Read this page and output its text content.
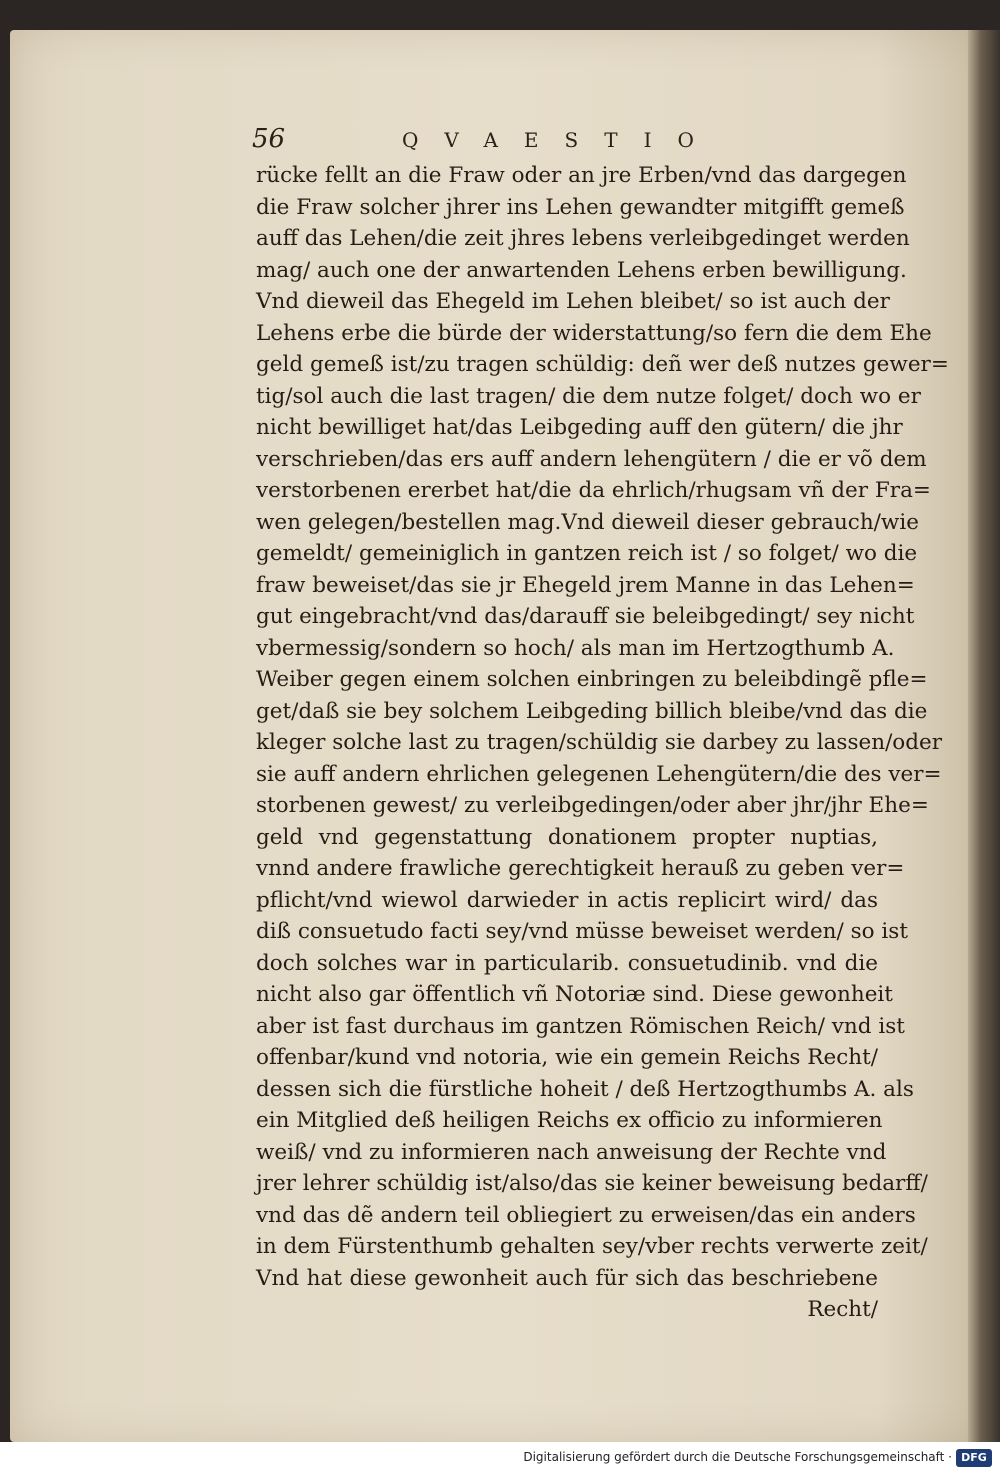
56	QVAESTIO
rücke fellt an die Fraw oder an jre Erben/vnd das dargegen
die Fraw solcher jhrer ins Lehen gewandter mitgifft gemeß
auff das Lehen/die zeit jhres lebens verleibgedinget werden
mag/ auch one der anwartenden Lehens erben bewilligung.
Vnd dieweil das Ehegeld im Lehen bleibet/ so ist auch der
Lehens erbe die bürde der widerstattung/so fern die dem Ehe
geld gemeß ist/zu tragen schüldig: deñ wer deß nutzes gewer=
tig/sol auch die last tragen/ die dem nutze folget/ doch wo er
nicht bewilliget hat/das Leibgeding auff den gütern/ die jhr
verschrieben/das ers auff andern lehengütern / die er võ dem
verstorbenen ererbet hat/die da ehrlich/rhugsam vñ der Fra=
wen gelegen/bestellen mag.Vnd dieweil dieser gebrauch/wie
gemeldt/ gemeiniglich in gantzen reich ist / so folget/ wo die
fraw beweiset/das sie jr Ehegeld jrem Manne in das Lehen=
gut eingebracht/vnd das/darauff sie beleibgedingt/ sey nicht
vbermessig/sondern so hoch/ als man im Hertzogthumb A.
Weiber gegen einem solchen einbringen zu beleibdingẽ pfle=
get/daß sie bey solchem Leibgeding billich bleibe/vnd das die
kleger solche last zu tragen/schüldig sie darbey zu lassen/oder
sie auff andern ehrlichen gelegenen Lehengütern/die des ver=
storbenen gewest/ zu verleibgedingen/oder aber jhr/jhr Ehe=
geld vnd gegenstattung donationem propter nuptias,
vnnd andere frawliche gerechtigkeit herauß zu geben ver=
pflicht/vnd wiewol darwieder in actis replicirt wird/ das
diß consuetudo facti sey/vnd müsse beweiset werden/ so ist
doch solches war in particularib. consuetudinib. vnd die
nicht also gar öffentlich vñ Notoriæ sind. Diese gewonheit
aber ist fast durchaus im gantzen Römischen Reich/ vnd ist
offenbar/kund vnd notoria, wie ein gemein Reichs Recht/
dessen sich die fürstliche hoheit / deß Hertzogthumbs A. als
ein Mitglied deß heiligen Reichs ex officio zu informieren
weiß/ vnd zu informieren nach anweisung der Rechte vnd
jrer lehrer schüldig ist/also/das sie keiner beweisung bedarff/
vnd das dẽ andern teil obliegiert zu erweisen/das ein anders
in dem Fürstenthumb gehalten sey/vber rechts verwerte zeit/
Vnd hat diese gewonheit auch für sich das beschriebene
Recht/
Digitalisierung gefördert durch die Deutsche Forschungsgemeinschaft · DFG
